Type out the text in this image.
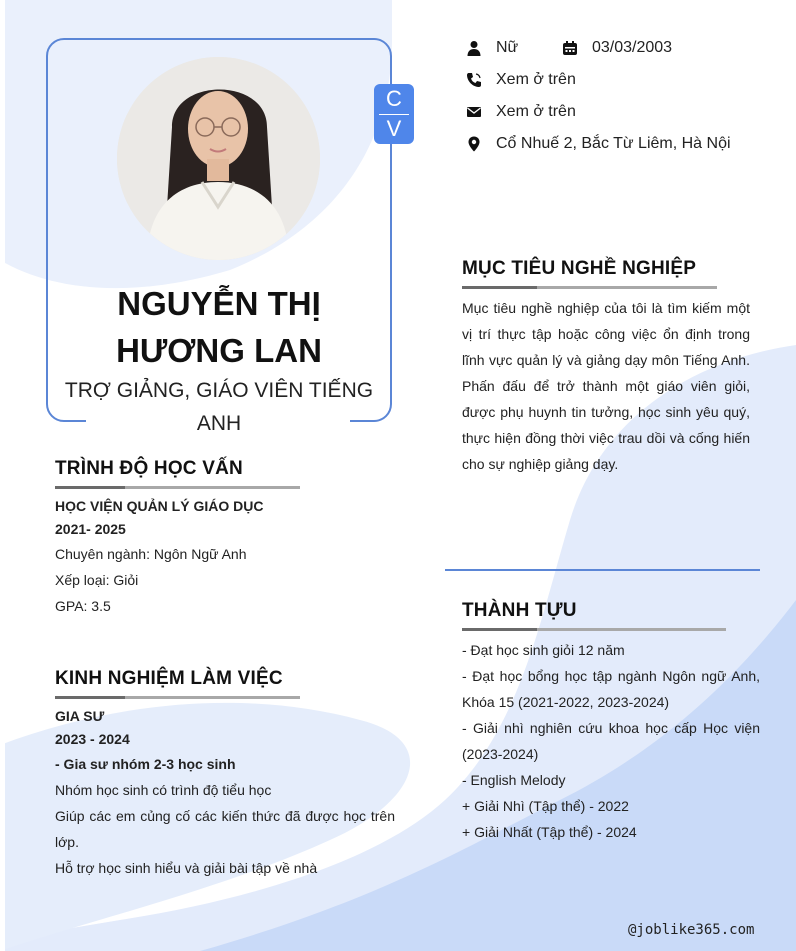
C
V
NGUYỄN THỊ HƯƠNG LAN
TRỢ GIẢNG, GIÁO VIÊN TIẾNG ANH
Nữ	03/03/2003
Xem ở trên
Xem ở trên
Cổ Nhuế 2, Bắc Từ Liêm, Hà Nội
MỤC TIÊU NGHỀ NGHIỆP
Mục tiêu nghề nghiệp của tôi là tìm kiếm một vị trí thực tập hoặc công việc ổn định trong lĩnh vực quản lý và giảng dạy môn Tiếng Anh. Phấn đấu để trở thành một giáo viên giỏi, được phụ huynh tin tưởng, học sinh yêu quý, thực hiện đồng thời việc trau dồi và cống hiến cho sự nghiệp giảng dạy.
TRÌNH ĐỘ HỌC VẤN
HỌC VIỆN QUẢN LÝ GIÁO DỤC
2021- 2025
Chuyên ngành: Ngôn Ngữ Anh
Xếp loại: Giỏi
GPA: 3.5
KINH NGHIỆM LÀM VIỆC
GIA SƯ
2023 - 2024
- Gia sư nhóm 2-3 học sinh
Nhóm học sinh có trình độ tiểu học
Giúp các em củng cố các kiến thức đã được học trên lớp.
Hỗ trợ học sinh hiểu và giải bài tập về nhà
THÀNH TỰU
- Đạt học sinh giỏi 12 năm
- Đạt học bổng học tập ngành Ngôn ngữ Anh, Khóa 15 (2021-2022, 2023-2024)
- Giải nhì nghiên cứu khoa học cấp Học viện (2023-2024)
- English Melody
+ Giải Nhì (Tập thể) - 2022
+ Giải Nhất (Tập thể) - 2024
@joblike365.com
